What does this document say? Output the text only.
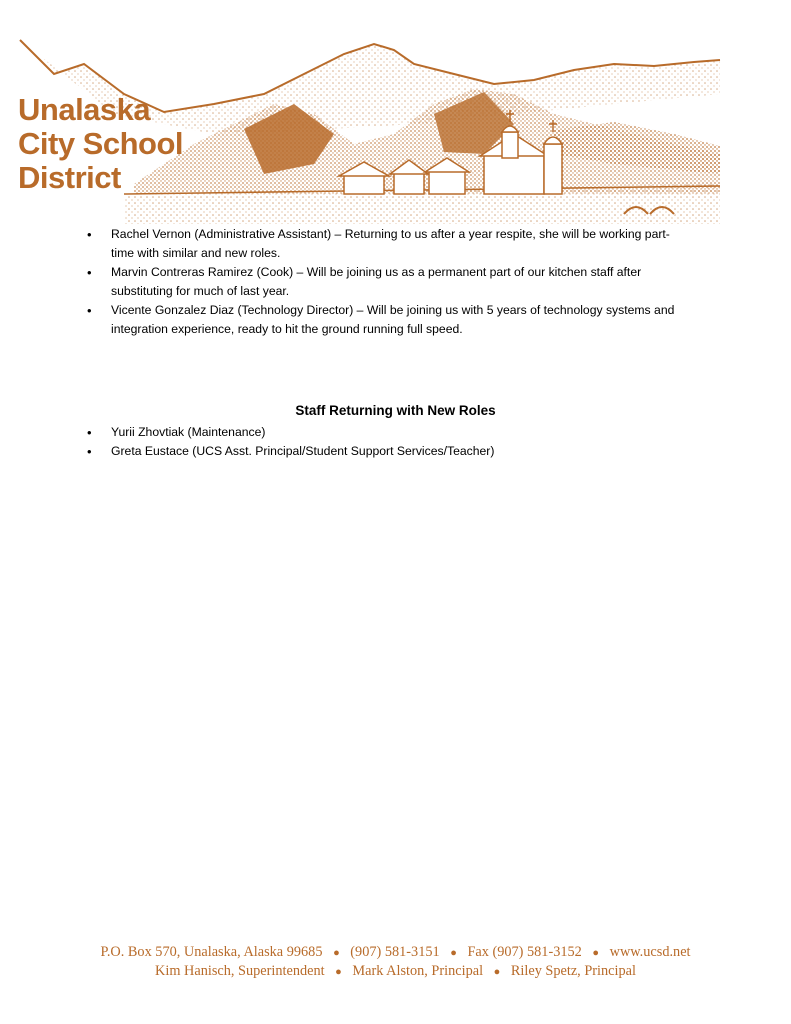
Unalaska
City School
District
• Rachel Vernon (Administrative Assistant) – Returning to us after a year respite, she will be working part-
time with similar and new roles.
• Marvin Contreras Ramirez (Cook) – Will be joining us as a permanent part of our kitchen staff after
substituting for much of last year.
• Vicente Gonzalez Diaz (Technology Director) – Will be joining us with 5 years of technology systems and
integration experience, ready to hit the ground running full speed.
Staff Returning with New Roles
• Yurii Zhovtiak (Maintenance)
• Greta Eustace (UCS Asst. Principal/Student Support Services/Teacher)
P.O. Box 570, Unalaska, Alaska 99685 ● (907) 581-3151 ● Fax (907) 581-3152 ● www.ucsd.net
Kim Hanisch, Superintendent ● Mark Alston, Principal ● Riley Spetz, Principal
